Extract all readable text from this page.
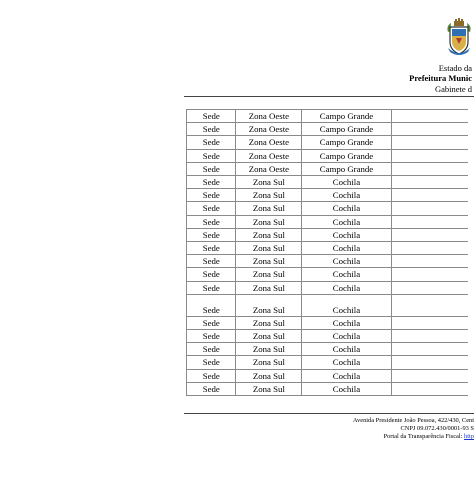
Estado da
Prefeitura Munic
Gabinete d
Sede	Zona Oeste	Campo Grande	
Sede	Zona Oeste	Campo Grande	
Sede	Zona Oeste	Campo Grande	
Sede	Zona Oeste	Campo Grande	
Sede	Zona Oeste	Campo Grande	
Sede	Zona Sul	Cochila	
Sede	Zona Sul	Cochila	
Sede	Zona Sul	Cochila	
Sede	Zona Sul	Cochila	
Sede	Zona Sul	Cochila	
Sede	Zona Sul	Cochila	
Sede	Zona Sul	Cochila	
Sede	Zona Sul	Cochila	
Sede	Zona Sul	Cochila	
Sede	Zona Sul	Cochila	
Sede	Zona Sul	Cochila	
Sede	Zona Sul	Cochila	
Sede	Zona Sul	Cochila	
Sede	Zona Sul	Cochila	
Sede	Zona Sul	Cochila	
Sede	Zona Sul	Cochila	
Avenida Presidente João Pessoa, 422/430, Cent
CNPJ 09.072.430/0001-93 S
Portal da Transparência Fiscal: http
